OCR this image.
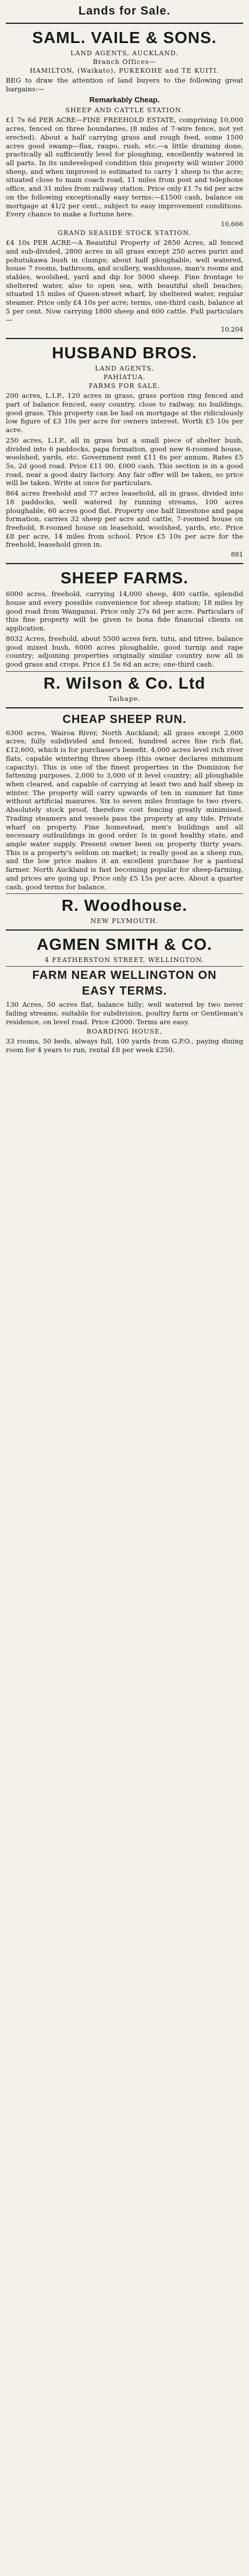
Lands for Sale.
SAML. VAILE & SONS.
LAND AGENTS, AUCKLAND.
Branch Offices—
HAMILTON, (Waikato), PUKEKOHE and TE KUITI.

BEG to draw the attention of land buyers to the following great bargains:—

Remarkably Cheap.
SHEEP AND CATTLE STATION.

£1 7s 6d PER ACRE—FINE FREEHOLD ESTATE, comprising 10,000 acres, fenced on three boundaries, (8 miles of 7-wire fence, not yet erected). About a half carrying grass and rough feed, some 1500 acres good swamp—flax, raupo, rush, etc.—a little draining done, practically all sufficiently level for ploughing, excellently watered in all parts. In its undeveloped condition this property will winter 2000 sheep, and when improved is estimated to carry 1 sheep to the acre; situated close to main coach road, 11 miles from post and telephone office, and 31 miles from railway station. Price only £1 7s 6d per acre on the following exceptionally easy terms:—£1500 cash, balance on mortgage at 41/2 per cent., subject to easy improvement conditions. Every chance to make a fortune here.

10,666
GRAND SEASIDE STOCK STATION.

£4 10s PER ACRE—A Beautiful Property of 2850 Acres, all fenced and sub-divided, 2800 acres in all grass except 250 acres puriri and pohutukawa bush in clumps; about half ploughable, well watered, house 7 rooms, bathroom, and scullery, washhouse, man's rooms and stables, woolshed, yard and dip for 5000 sheep. Fine frontage to sheltered water, also to open sea, with beautiful shell beaches; situated 15 miles of Queen-street wharf, by sheltered water, regular steamer. Price only £4 10s per acre; terms, one-third cash, balance at 5 per cent. Now carrying 1800 sheep and 600 cattle. Full particulars—

10,204
HUSBAND BROS.
LAND AGENTS,
PAHIATUA.
FARMS FOR SALE.

200 acres, L.I.P., 120 acres in grass, grass portion ring fenced and part of balance fenced, easy country, close to railway, no buildings, good grass. This property can be had on mortgage at the ridiculously low figure of £3 10s per acre for owners interest. Worth £5 10s per acre.

250 acres, L.I.P., all in grass but a small piece of shelter bush, divided into 6 paddocks, papa formation, good new 6-roomed house, woolshed, yards, etc. Government rent £11 6s per annum. Rates £5 5s, 2d good road. Price £11 00. £000 cash. This section is in a good road, near a good dairy factory. Any fair offer will be taken, so price will be taken. Write at once for particulars.

864 acres freehold and 77 acres leasehold, all in grass, divided into 18 paddocks, well watered by running streams, 100 acres ploughable, 60 acres good flat. Property one half limestone and papa formation, carries 32 sheep per acre and cattle, 7-roomed house on freehold, 8-roomed house on leasehold, woolshed, yards, etc. Price £8 per acre, 14 miles from school. Price £5 10s per acre for the freehold, leasehold given in.

881
SHEEP FARMS.

6000 acres, freehold, carrying 14,000 sheep, 400 cattle, splendid house and every possible convenience for sheep station; 18 miles by good road from Wanganui. Price only 27s 6d per acre. Particulars of this fine property will be given to bona fide financial clients on application.

8032 Acres, freehold, about 5500 acres fern, tutu, and titree, balance good mixed bush, 6000 acres ploughable, good turnip and rape country; adjoining properties originally similar country now all in good grass and crops. Price £1 5s 6d an acre; one-third cash.

R. Wilson & Co. Ltd
Taihape.
CHEAP SHEEP RUN.

6300 acres, Wairoa River, North Auckland; all grass except 2,000 acres; fully subdivided and fenced, hundred acres fine rich flat, £12,600, which is for purchaser's benefit. 4,000 acres level rich river flats, capable wintering three sheep (this owner declares minimum capacity). This is one of the finest properties in the Dominion for fattening purposes. 2,000 to 3,000 of it level country; all ploughable when cleared, and capable of carrying at least two and half sheep in winter. The property will carry upwards of ten in summer fat time without artificial manures. Six to seven miles frontage to two rivers. Absolutely stock proof, therefore cost fencing greatly minimised. Trading steamers and vessels pass the property at any tide. Private wharf on property. Fine homestead, men's buildings and all necessary outbuildings in good order. Is in good healthy state, and ample water supply. Present owner been on property thirty years. This is a property's seldom on market; is really good as a sheep run, and the low price makes it an excellent purchase for a pastoral farmer. North Auckland is fast becoming popular for sheep-farming, and prices are going up. Price only £5 15s per acre. About a quarter cash, good terms for balance.

R. Woodhouse.
NEW PLYMOUTH.
AGMEN SMITH & CO.
4 FEATHERSTON STREET, WELLINGTON.
FARM NEAR WELLINGTON ON
EASY TERMS.

130 Acres, 50 acres flat, balance hilly; well watered by two never failing streams, suitable for subdivision, poultry farm or Gentleman's residence, on level road. Price £2000. Terms are easy.

BOARDING HOUSE,

33 rooms, 50 beds, always full, 100 yards from G.P.O., paying dining room for 4 years to run, rental £8 per week £250.
